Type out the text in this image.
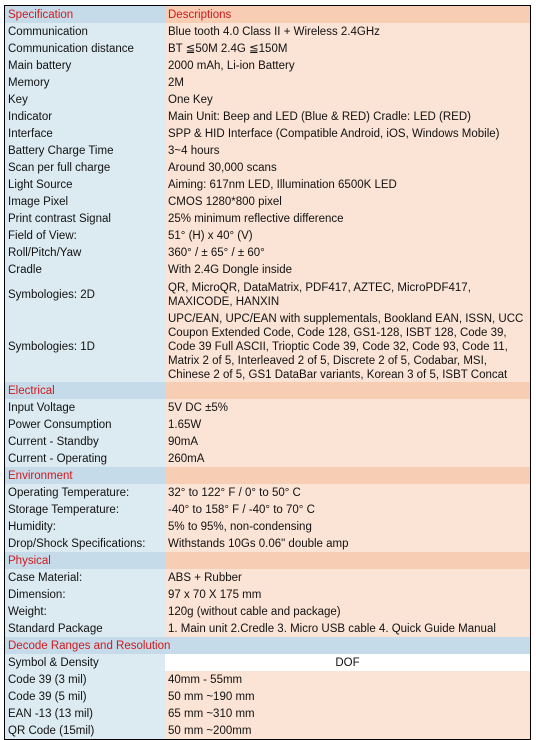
Specification	Descriptions
Communication	Blue tooth 4.0 Class II + Wireless 2.4GHz
Communication distance	BT ≦50M 2.4G ≦150M
Main battery	2000 mAh, Li-ion Battery
Memory	2M
Key	One Key
Indicator	Main Unit: Beep and LED (Blue & RED) Cradle: LED (RED)
Interface	SPP & HID Interface (Compatible Android, iOS, Windows Mobile)
Battery Charge Time	3~4 hours
Scan per full charge	Around 30,000 scans
Light Source	Aiming: 617nm LED, Illumination 6500K LED
Image Pixel	CMOS 1280*800 pixel
Print contrast Signal	25% minimum reflective difference
Field of View:	51° (H) x 40° (V)
Roll/Pitch/Yaw	360° / ± 65° / ± 60°
Cradle	With 2.4G Dongle inside
Symbologies: 2D	QR, MicroQR, DataMatrix, PDF417, AZTEC, MicroPDF417, MAXICODE, HANXIN
Symbologies: 1D	UPC/EAN, UPC/EAN with supplementals, Bookland EAN, ISSN, UCC Coupon Extended Code, Code 128, GS1-128, ISBT 128, Code 39, Code 39 Full ASCII, Trioptic Code 39, Code 32, Code 93, Code 11, Matrix 2 of 5, Interleaved 2 of 5, Discrete 2 of 5, Codabar, MSI, Chinese 2 of 5, GS1 DataBar variants, Korean 3 of 5, ISBT Concat
Electrical	
Input Voltage	5V DC ±5%
Power Consumption	1.65W
Current - Standby	90mA
Current - Operating	260mA
Environment	
Operating Temperature:	32° to 122° F / 0° to 50° C
Storage Temperature:	-40° to 158° F / -40° to 70° C
Humidity:	5% to 95%, non-condensing
Drop/Shock Specifications:	Withstands 10Gs 0.06" double amp
Physical	
Case Material:	ABS + Rubber
Dimension:	97 x 70 X 175 mm
Weight:	120g (without cable and package)
Standard Package	1. Main unit 2.Credle 3. Micro USB cable 4. Quick Guide Manual
Decode Ranges and Resolution	
Symbol & Density	DOF
Code 39 (3 mil)	40mm - 55mm
Code 39 (5 mil)	50 mm ~190 mm
EAN -13 (13 mil)	65 mm ~310 mm
QR Code (15mil)	50 mm ~200mm
